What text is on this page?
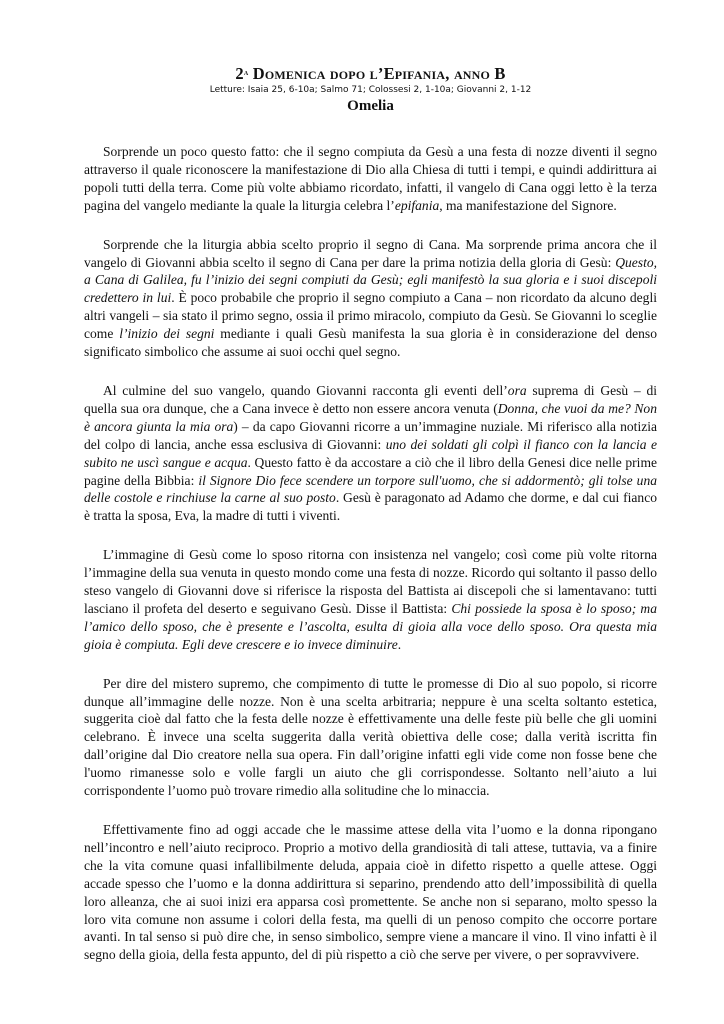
2$^a$ Domenica dopo l’Epifania, anno B
Letture: Isaia 25, 6-10a; Salmo 71; Colossesi 2, 1-10a; Giovanni 2, 1-12
Omelia

Sorprende un poco questo fatto: che il segno compiuta da Gesù a una festa di nozze diventi il segno attraverso il quale riconoscere la manifestazione di Dio alla Chiesa di tutti i tempi, e quindi addirittura ai popoli tutti della terra. Come più volte abbiamo ricordato, infatti, il vangelo di Cana oggi letto è la terza pagina del vangelo mediante la quale la liturgia celebra l’epifania, ma manifestazione del Signore.

Sorprende che la liturgia abbia scelto proprio il segno di Cana. Ma sorprende prima ancora che il vangelo di Giovanni abbia scelto il segno di Cana per dare la prima notizia della gloria di Gesù: Questo, a Cana di Galilea, fu l’inizio dei segni compiuti da Gesù; egli manifestò la sua gloria e i suoi discepoli credettero in lui. È poco probabile che proprio il segno compiuto a Cana – non ricordato da alcuno degli altri vangeli – sia stato il primo segno, ossia il primo miracolo, compiuto da Gesù. Se Giovanni lo sceglie come l’inizio dei segni mediante i quali Gesù manifesta la sua gloria è in considerazione del denso significato simbolico che assume ai suoi occhi quel segno.

Al culmine del suo vangelo, quando Giovanni racconta gli eventi dell’ora suprema di Gesù – di quella sua ora dunque, che a Cana invece è detto non essere ancora venuta (Donna, che vuoi da me? Non è ancora giunta la mia ora) – da capo Giovanni ricorre a un’immagine nuziale. Mi riferisco alla notizia del colpo di lancia, anche essa esclusiva di Giovanni: uno dei soldati gli colpì il fianco con la lancia e subito ne uscì sangue e acqua. Questo fatto è da accostare a ciò che il libro della Genesi dice nelle prime pagine della Bibbia: il Signore Dio fece scendere un torpore sull'uomo, che si addormentò; gli tolse una delle costole e rinchiuse la carne al suo posto. Gesù è paragonato ad Adamo che dorme, e dal cui fianco è tratta la sposa, Eva, la madre di tutti i viventi.

L’immagine di Gesù come lo sposo ritorna con insistenza nel vangelo; così come più volte ritorna l’immagine della sua venuta in questo mondo come una festa di nozze. Ricordo qui soltanto il passo dello steso vangelo di Giovanni dove si riferisce la risposta del Battista ai discepoli che si lamentavano: tutti lasciano il profeta del deserto e seguivano Gesù. Disse il Battista: Chi possiede la sposa è lo sposo; ma l’amico dello sposo, che è presente e l’ascolta, esulta di gioia alla voce dello sposo. Ora questa mia gioia è compiuta. Egli deve crescere e io invece diminuire.

Per dire del mistero supremo, che compimento di tutte le promesse di Dio al suo popolo, si ricorre dunque all’immagine delle nozze. Non è una scelta arbitraria; neppure è una scelta soltanto estetica, suggerita cioè dal fatto che la festa delle nozze è effettivamente una delle feste più belle che gli uomini celebrano. È invece una scelta suggerita dalla verità obiettiva delle cose; dalla verità iscritta fin dall’origine dal Dio creatore nella sua opera. Fin dall’origine infatti egli vide come non fosse bene che l'uomo rimanesse solo e volle fargli un aiuto che gli corrispondesse. Soltanto nell’aiuto a lui corrispondente l’uomo può trovare rimedio alla solitudine che lo minaccia.

Effettivamente fino ad oggi accade che le massime attese della vita l’uomo e la donna ripongano nell’incontro e nell’aiuto reciproco. Proprio a motivo della grandiosità di tali attese, tuttavia, va a finire che la vita comune quasi infallibilmente deluda, appaia cioè in difetto rispetto a quelle attese. Oggi accade spesso che l’uomo e la donna addirittura si separino, prendendo atto dell’impossibilità di quella loro alleanza, che ai suoi inizi era apparsa così promettente. Se anche non si separano, molto spesso la loro vita comune non assume i colori della festa, ma quelli di un penoso compito che occorre portare avanti. In tal senso si può dire che, in senso simbolico, sempre viene a mancare il vino. Il vino infatti è il segno della gioia, della festa appunto, del di più rispetto a ciò che serve per vivere, o per sopravvivere.
